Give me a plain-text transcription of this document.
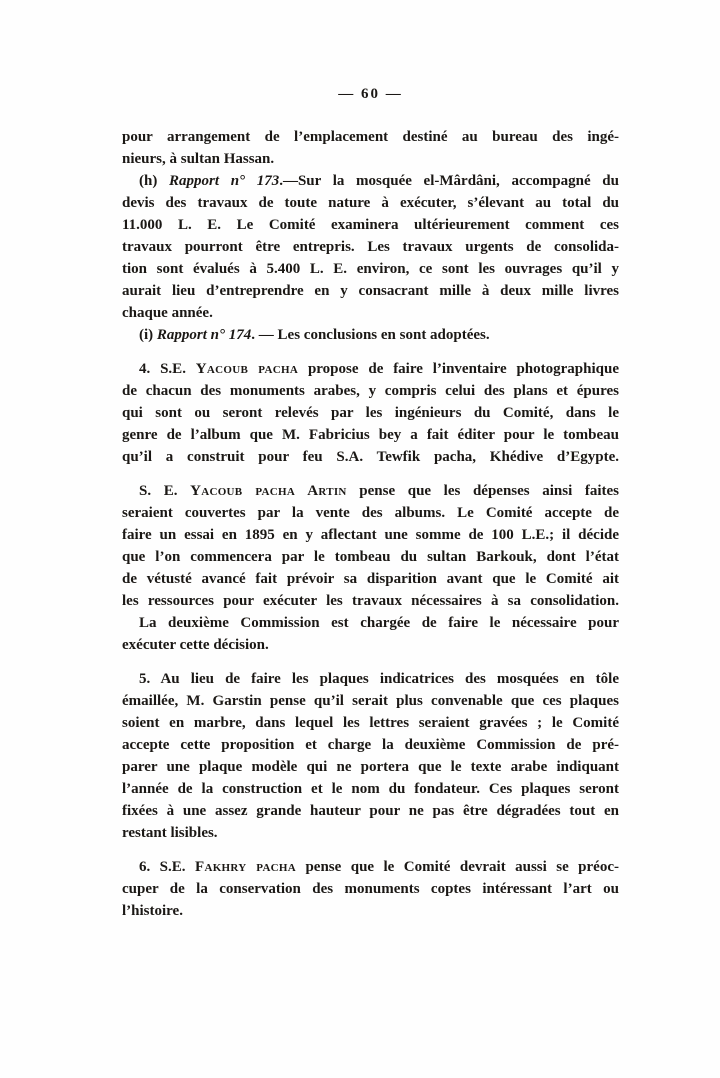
— 60 —
pour arrangement de l’emplacement destiné au bureau des ingé-
nieurs, à sultan Hassan.
(h) Rapport n° 173.—Sur la mosquée el-Mârdâni, accompagné du
devis des travaux de toute nature à exécuter, s’élevant au total du
11.000 L. E. Le Comité examinera ultérieurement comment ces
travaux pourront être entrepris. Les travaux urgents de consolida-
tion sont évalués à 5.400 L. E. environ, ce sont les ouvrages qu’il y
aurait lieu d’entreprendre en y consacrant mille à deux mille livres
chaque année.
(i) Rapport n° 174. — Les conclusions en sont adoptées.
4. S.E. Yacoub pacha propose de faire l’inventaire photographique
de chacun des monuments arabes, y compris celui des plans et épures
qui sont ou seront relevés par les ingénieurs du Comité, dans le
genre de l’album que M. Fabricius bey a fait éditer pour le tombeau
qu’il a construit pour feu S.A. Tewfik pacha, Khédive d’Egypte.
S. E. Yacoub pacha Artin pense que les dépenses ainsi faites
seraient couvertes par la vente des albums. Le Comité accepte de
faire un essai en 1895 en y aflectant une somme de 100 L.E.; il décide
que l’on commencera par le tombeau du sultan Barkouk, dont l’état
de vétusté avancé fait prévoir sa disparition avant que le Comité ait
les ressources pour exécuter les travaux nécessaires à sa consolidation.
La deuxième Commission est chargée de faire le nécessaire pour
exécuter cette décision.
5. Au lieu de faire les plaques indicatrices des mosquées en tôle
émaillée, M. Garstin pense qu’il serait plus convenable que ces plaques
soient en marbre, dans lequel les lettres seraient gravées ; le Comité
accepte cette proposition et charge la deuxième Commission de pré-
parer une plaque modèle qui ne portera que le texte arabe indiquant
l’année de la construction et le nom du fondateur. Ces plaques seront
fixées à une assez grande hauteur pour ne pas être dégradées tout en
restant lisibles.
6. S.E. Fakhry pacha pense que le Comité devrait aussi se préoc-
cuper de la conservation des monuments coptes intéressant l’art ou
l’histoire.
